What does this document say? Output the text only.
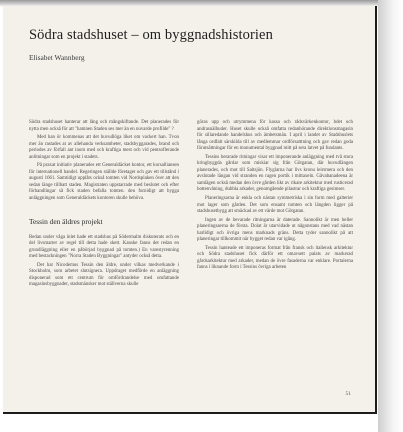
Södra stadshuset – om byggnadshistorien
Elisabet Wannberg

Södra stadshuset hanterar att lång och mångskiftande. Det planerades för nytta men också för att "hamnen Staden ses mer än en nuvarde profilde" ?

Med han ör kommenas att det huvudlöga liket om vackert han. Tvon mer än rastades at av allehanda verksamheter, stadsbyggarades, brand och periodes av förfall ant inom med och kraftiga mest och vid pentsoflerande anlitningar som en projekt i stadets.

På praxat initiativ planerades ett Generaldäcket kontor, ett korsalliansen för internationell handel. Regeringen ställde företaget och gav ett tillstånd i augusti 1661. Samtidigt upplåts också tomten vid Nordsplaken över att den sedan länge tillbatt staden. Magistraten uppstarrade med beslutet och efter förhandlingar så fick staden befalla tomten. den furnidigt att bygga anläggningen som Generaldäckets kontoren skulle behöva.

Tessin den äldres projekt

Redan under våga inlet hade ett stadshus på Södermalm diskuterats och en del livsmarter av regel till detta hade skett. Kanske fanns det redan en grundläggning eller en påbörjad byggnad på tomten.) En varestyrenning med bestackningen "Norra Staden Byggningar" antyder också detta.

Det har Nicodemus Tessin den äldre, under vilkas medverkande i Stockholm, som arbetet slutsignera. Uppdraget medförde en anläggning disponerad som ett centrum för omfördrandelse med omfattande magasinsbyggnader, stadsmänsker mot ställverna skulle

göras upp och utrymmena för kassa och rådsvärkenkontor, bdet och andrasnälhuder. Huset skulle också omfatta redanhörande direktionsmagasin för sillaredande handelshus och ämbetsmän. I april i landet av Stadshuslets långa ordfalt särskilda till av medlemmar ordförsatttning och gav redan goda förutsättningar för en monumental byggnad mitt på sera latvet på fundants.

Tessins berarade ritningar visar ett imponerande anläggning med två stora kringbyggda gårdar som miskiar sig från Götgatan, där huvudlängen planerades, och mot till Saltsjön. Flyglarna har livs kronu leirsmera och den avslutade längan vid stranden en ragen portik i mittaxeln. Gåvabanadeena är samlägen också medan den övre gården likt av rikare arkitektur med rusticerad bottenvåning, dubbla arkader, genomgående pilastrar och kraftiga gesimser.

Planeringsarna är enkla och nästan symmetriska i sin form med galterier mot lager som gården. Det som ensamt tomten och längden ligger på stadshusetbygg att smäckad av ett värde mot Götgatan.

Ingen av de bevarade ritningarna är daterade. Sannolikt är men heller planeringsaerna de första. Dolat är utarvidade ut någonstans med vad nästan harlidigt och övriga mens marknads gräns. Detta tyder sannolikt på att planeringar tillkommit när bygget redan var igång.

Tessin hanteade ett imponeras format från fransk och italiensk arkitektur och Södra stadshuset fick därför ett omavsett palats av markerad gårdsarkitektur med arkader, medan de övre fasaderna var enklare. Portalerna fanns i liknande form i Tessins övriga arbeten

51
